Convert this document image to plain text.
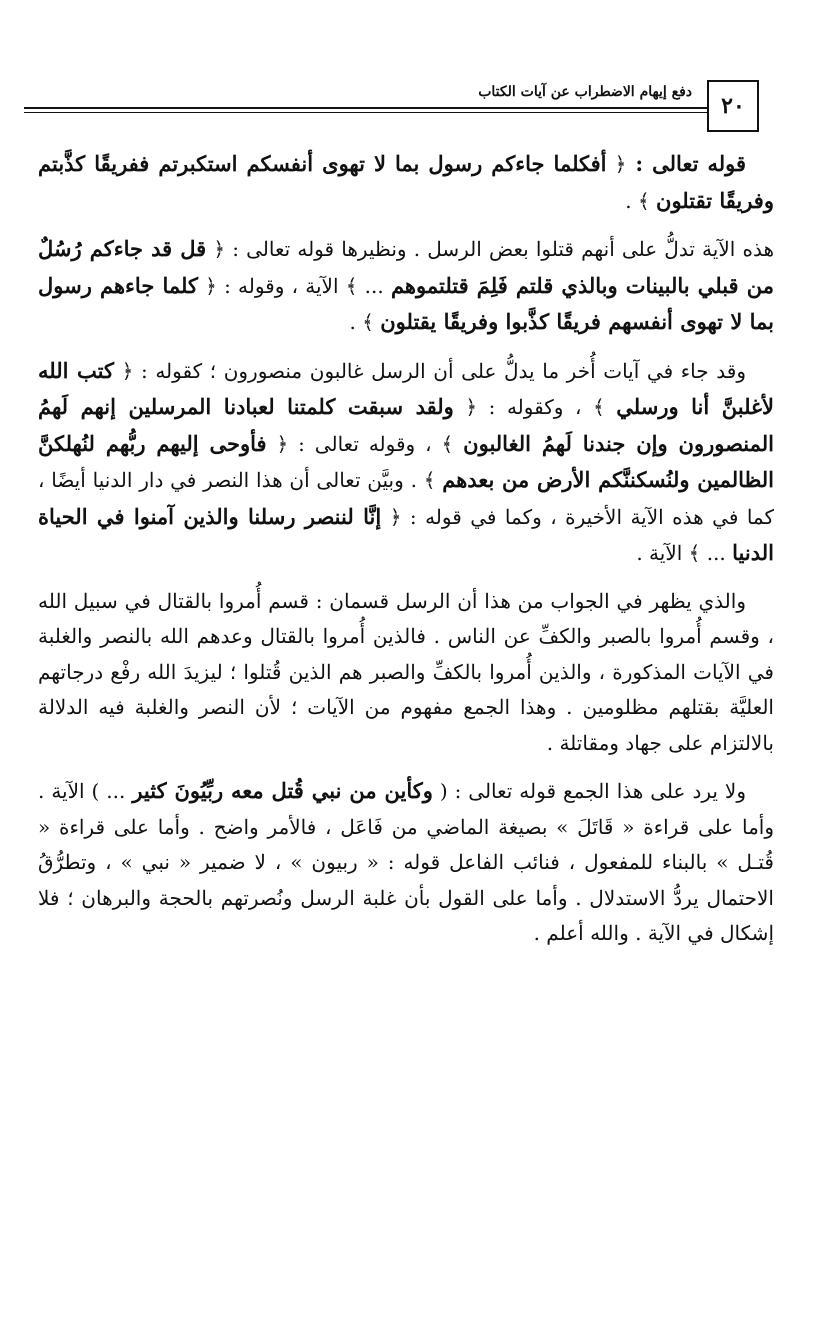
٢٠
دفع إيهام الاضطراب عن آيات الكتاب

قوله تعالى : ﴿ أفكلما جاءكم رسول بما لا تهوى أنفسكم استكبرتم ففريقًا كذَّبتم وفريقًا تقتلون ﴾ .

هذه الآية تدلُّ على أنهم قتلوا بعض الرسل . ونظيرها قوله تعالى : ﴿ قل قد جاءكم رُسُلٌ من قبلي بالبينات وبالذي قلتم فَلِمَ قتلتموهم ... ﴾ الآية ، وقوله : ﴿ كلما جاءهم رسول بما لا تهوى أنفسهم فريقًا كذَّبوا وفريقًا يقتلون ﴾ .

وقد جاء في آيات أُخر ما يدلُّ على أن الرسل غالبون منصورون ؛ كقوله : ﴿ كتب الله لأغلبنَّ أنا ورسلي ﴾ ، وكقوله : ﴿ ولقد سبقت كلمتنا لعبادنا المرسلين إنهم لَهمُ المنصورون وإن جندنا لَهمُ الغالبون ﴾ ، وقوله تعالى : ﴿ فأوحى إليهم ربُّهم لنُهلكنَّ الظالمين ولنُسكننَّكم الأرض من بعدهم ﴾ . وبيَّن تعالى أن هذا النصر في دار الدنيا أيضًا ، كما في هذه الآية الأخيرة ، وكما في قوله : ﴿ إنَّا لننصر رسلنا والذين آمنوا في الحياة الدنيا ... ﴾ الآية .

والذي يظهر في الجواب من هذا أن الرسل قسمان : قسم أُمروا بالقتال في سبيل الله ، وقسم أُمروا بالصبر والكفِّ عن الناس . فالذين أُمروا بالقتال وعدهم الله بالنصر والغلبة في الآيات المذكورة ، والذين أُمروا بالكفِّ والصبر هم الذين قُتلوا ؛ ليزيدَ الله رفْع درجاتهم العليَّة بقتلهم مظلومين . وهذا الجمع مفهوم من الآيات ؛ لأن النصر والغلبة فيه الدلالة بالالتزام على جهاد ومقاتلة .

ولا يرد على هذا الجمع قوله تعالى : ( وكأين من نبي قُتل معه ربِّيُونَ كثير ... ) الآية . وأما على قراءة « قَاتَلَ » بصيغة الماضي من فَاعَل ، فالأمر واضح . وأما على قراءة « قُتـل » بالبناء للمفعول ، فنائب الفاعل قوله : « ربيون » ، لا ضمير « نبي » ، وتطرُّقُ الاحتمال يردُّ الاستدلال . وأما على القول بأن غلبة الرسل ونُصرتهم بالحجة والبرهان ؛ فلا إشكال في الآية . والله أعلم .
